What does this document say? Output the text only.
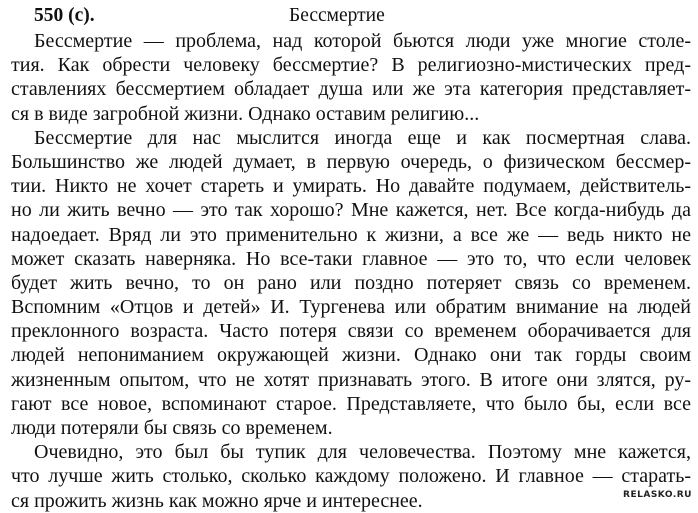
550 (с).	Бессмертие
Бессмертие — проблема, над которой бьются люди уже многие столе-
тия. Как обрести человеку бессмертие? В религиозно-мистических пред-
ставлениях бессмертием обладает душа или же эта категория представляет-
ся в виде загробной жизни. Однако оставим религию...
Бессмертие для нас мыслится иногда еще и как посмертная слава.
Большинство же людей думает, в первую очередь, о физическом бессмер-
тии. Никто не хочет стареть и умирать. Но давайте подумаем, действитель-
но ли жить вечно — это так хорошо? Мне кажется, нет. Все когда-нибудь да
надоедает. Вряд ли это применительно к жизни, а все же — ведь никто не
может сказать наверняка. Но все-таки главное — это то, что если человек
будет жить вечно, то он рано или поздно потеряет связь со временем.
Вспомним «Отцов и детей» И. Тургенева или обратим внимание на людей
преклонного возраста. Часто потеря связи со временем оборачивается для
людей непониманием окружающей жизни. Однако они так горды своим
жизненным опытом, что не хотят признавать этого. В итоге они злятся, ру-
гают все новое, вспоминают старое. Представляете, что было бы, если все
люди потеряли бы связь со временем.
Очевидно, это был бы тупик для человечества. Поэтому мне кажется,
что лучше жить столько, сколько каждому положено. И главное — старать-
ся прожить жизнь как можно ярче и интереснее.	RELASKO.RU
